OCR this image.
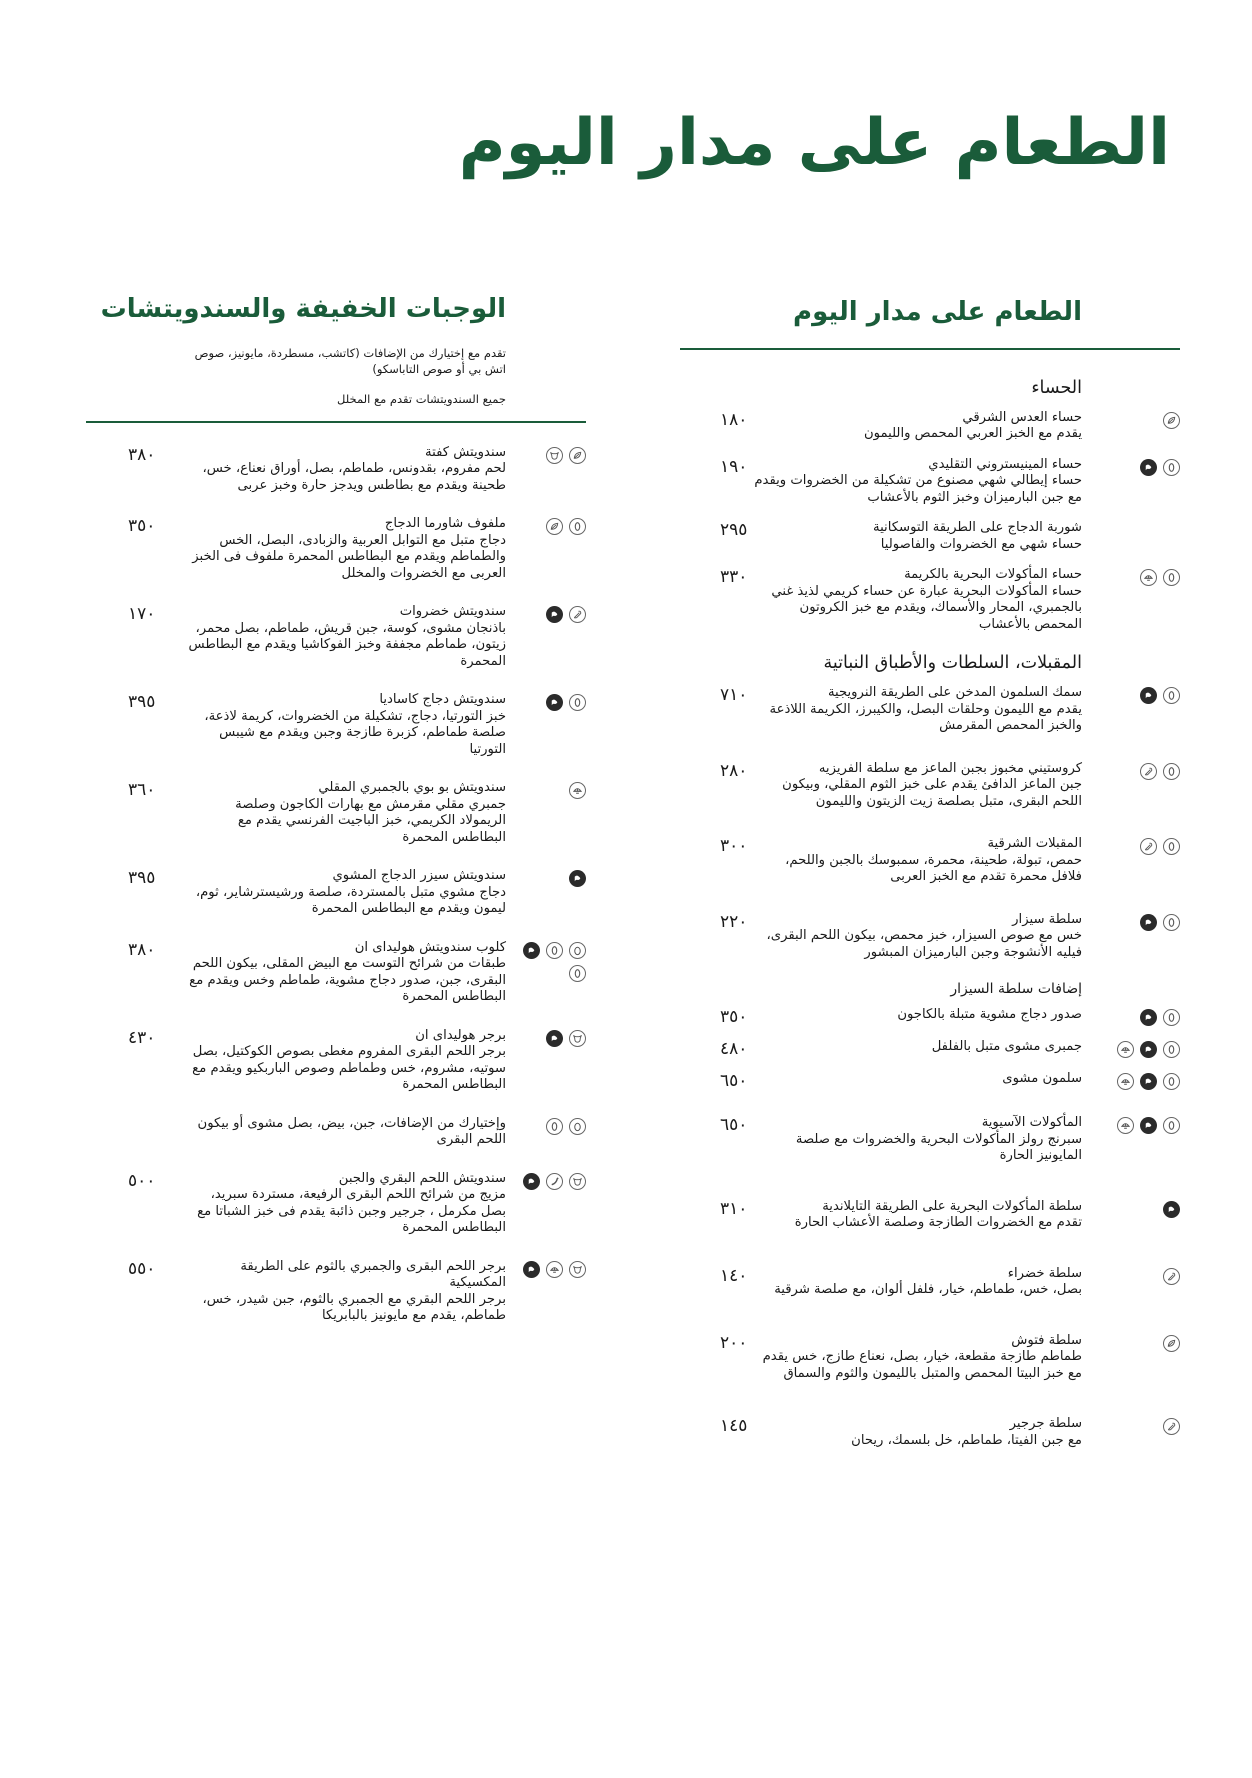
الطعام على مدار اليوم
الطعام على مدار اليوم
الحساء
حساء العدس الشرقي
يقدم مع الخبز العربي المحمص والليمون
١٨٠
حساء المينيستروني التقليدي
حساء إيطالي شهي مصنوع من تشكيلة من الخضروات ويقدم مع جبن البارميزان وخبز الثوم بالأعشاب
١٩٠
شوربة الدجاج على الطريقة التوسكانية
حساء شهي مع الخضروات والفاصوليا
٢٩٥
حساء المأكولات البحرية بالكريمة
حساء المأكولات البحرية عبارة عن حساء كريمي لذيذ غني بالجمبري، المحار والأسماك، ويقدم مع خبز الكروتون المحمص بالأعشاب
٣٣٠
المقبلات، السلطات والأطباق النباتية
سمك السلمون المدخن على الطريقة النرويجية
يقدم مع الليمون وحلقات البصل، والكيبرز، الكريمة اللاذعة والخبز المحمص المقرمش
٧١٠
كروستيني مخبوز بجبن الماعز مع سلطة الفريزيه
جبن الماعز الدافئ يقدم على خبز الثوم المقلي، وبيكون اللحم البقرى، متبل بصلصة زيت الزيتون والليمون
٢٨٠
المقبلات الشرقية
حمص، تبولة، طحينة، محمرة، سمبوسك بالجبن واللحم، فلافل محمرة تقدم مع الخبز العربى
٣٠٠
سلطة سيزار
خس مع صوص السيزار، خبز محمص، بيكون اللحم البقرى، فيليه الأنشوجة وجبن البارميزان المبشور
٢٢٠
إضافات سلطة السيزار
صدور دجاج مشوية متبلة بالكاجون
٣٥٠
جمبرى مشوى متبل بالفلفل
٤٨٠
سلمون مشوى
٦٥٠
المأكولات الآسيوية
سبرنج رولز المأكولات البحرية والخضروات مع صلصة المايونيز الحارة
٦٥٠
سلطة المأكولات البحرية على الطريقة التايلاندية
تقدم مع الخضروات الطازجة وصلصة الأعشاب الحارة
٣١٠
سلطة خضراء
بصل، خس، طماطم، خيار، فلفل ألوان، مع صلصة شرقية
١٤٠
سلطة فتوش
طماطم طازجة مقطعة، خيار، بصل، نعناع طازج، خس يقدم مع خبز البيتا المحمص والمتبل بالليمون والثوم والسماق
٢٠٠
سلطة جرجير
مع جبن الفيتا، طماطم، خل بلسمك، ريحان
١٤٥
الوجبات الخفيفة والسندويتشات

تقدم مع إختيارك من الإضافات (كاتشب، مسطردة، مايونيز، صوص اتش بي أو صوص التاباسكو)

جميع السندويتشات تقدم مع المخلل

سندويتش كفتة
لحم مفروم، بقدونس، طماطم، بصل، أوراق نعناع، خس، طحينة ويقدم مع بطاطس ويدجز حارة وخبز عربى
٣٨٠
ملفوف شاورما الدجاج
دجاج متبل مع التوابل العربية والزبادى، البصل، الخس والطماطم ويقدم مع البطاطس المحمرة ملفوف فى الخبز العربى مع الخضروات والمخلل
٣٥٠
سندويتش خضروات
باذنجان مشوى، كوسة، جبن قريش، طماطم، بصل محمر، زيتون، طماطم مجففة وخبز الفوكاشيا ويقدم مع البطاطس المحمرة
١٧٠
سندويتش دجاج كاساديا
خبز التورتيا، دجاج، تشكيلة من الخضروات، كريمة لاذعة، صلصة طماطم، كزبرة طازجة وجبن ويقدم مع شيبس التورتيا
٣٩٥
سندويتش بو بوي بالجمبري المقلي
جمبري مقلي مقرمش مع بهارات الكاجون وصلصة الريمولاد الكريمي، خبز الباجيت الفرنسي يقدم مع البطاطس المحمرة
٣٦٠
سندويتش سيزر الدجاج المشوي
دجاج مشوي متبل بالمستردة، صلصة ورشيسترشاير، ثوم، ليمون ويقدم مع البطاطس المحمرة
٣٩٥
كلوب سندويتش هوليداى ان
طبقات من شرائح التوست مع البيض المقلى، بيكون اللحم البقرى، جبن، صدور دجاج مشوية، طماطم وخس ويقدم مع البطاطس المحمرة
٣٨٠
برجر هوليداى ان
برجر اللحم البقرى المفروم مغطى بصوص الكوكتيل، بصل سوتيه، مشروم، خس وطماطم وصوص الباربكيو ويقدم مع البطاطس المحمرة
٤٣٠
وإختيارك من الإضافات، جبن، بيض، بصل مشوى أو بيكون اللحم البقرى
سندويتش اللحم البقري والجبن
مزيج من شرائح اللحم البقرى الرفيعة، مستردة سبريد، بصل مكرمل ، جرجير وجبن ذائبة يقدم فى خبز الشباتا مع البطاطس المحمرة
٥٠٠
برجر اللحم البقرى والجمبري بالثوم على الطريقة المكسيكية
برجر اللحم البقري مع الجمبري بالثوم، جبن شيدر، خس، طماطم، يقدم مع مايونيز بالبابريكا
٥٥٠
